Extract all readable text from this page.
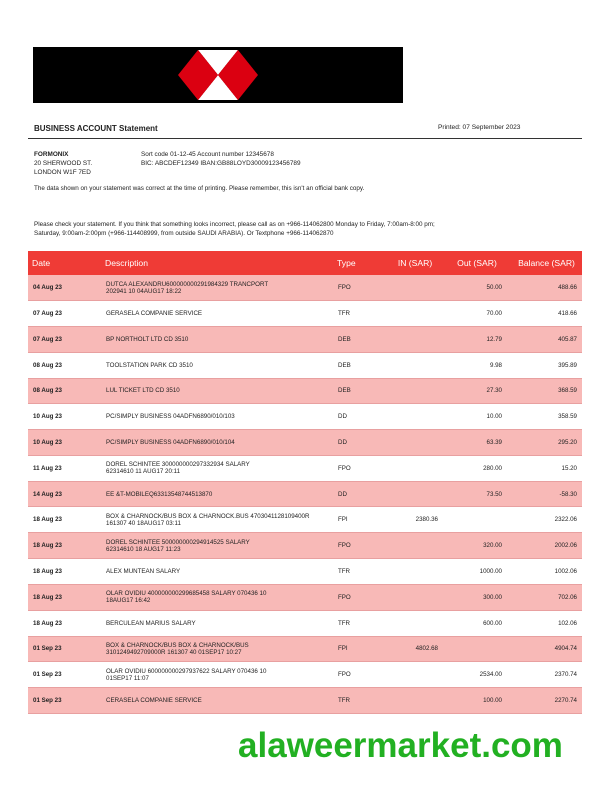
BUSINESS ACCOUNT Statement	Printed: 07 September 2023
FORMONIX
20 SHERWOOD ST.
LONDON W1F 7ED
Sort code 01-12-45 Account number 12345678
BIC: ABCDEF12349 IBAN:GB88LOYD30009123456789
The data shown on your statement was correct at the time of printing. Please remember, this isn't an official bank copy.
Please check your statement. If you think that something looks incorrect, please call as on +966-114062800 Monday to Friday, 7:00am-8:00 pm; Saturday, 9:00am-2:00pm (+966-114408999, from outside SAUDI ARABIA). Or Textphone +966-114062870
Date	Description	Type	IN (SAR)	Out (SAR)	Balance (SAR)
04 Aug 23	DUTCA ALEXANDRU600000000291984329 TRANCPORT
202941 10 04AUG17 18:22	FPO		50.00	488.66
07 Aug 23	GERASELA COMPANIE SERVICE	TFR		70.00	418.66
07 Aug 23	BP NORTHOLT LTD CD 3510	DEB		12.79	405.87
08 Aug 23	TOOLSTATION PARK CD 3510	DEB		9.98	395.89
08 Aug 23	LUL TICKET LTD CD 3510	DEB		27.30	368.59
10 Aug 23	PC/SIMPLY BUSINESS 04ADFN6890/010/103	DD		10.00	358.59
10 Aug 23	PC/SIMPLY BUSINESS 04ADFN6890/010/104	DD		63.39	295.20
11 Aug 23	DOREL SCHINTEE 300000000297332934 SALARY
62314610 11 AUG17 20:11	FPO		280.00	15.20
14 Aug 23	EE &T-MOBILEQ63313548744513870	DD		73.50	-58.30
18 Aug 23	BOX & CHARNOCK/BUS BOX & CHARNOCK.BUS 4703041128109400R
161307 40 18AUG17 03:11	FPI	2380.36		2322.06
18 Aug 23	DOREL SCHINTEE 500000000294914525 SALARY
62314610 18 AUG17 11:23	FPO		320.00	2002.06
18 Aug 23	ALEX MUNTEAN SALARY	TFR		1000.00	1002.06
18 Aug 23	OLAR OVIDIU 400000000299685458 SALARY 070436 10
18AUG17 16:42	FPO		300.00	702.06
18 Aug 23	BERCULEAN MARIUS SALARY	TFR		600.00	102.06
01 Sep 23	BOX & CHARNOCK/BUS BOX & CHARNOCK/BUS
3101249492709000R 161307 40 01SEP17 10:27	FPI	4802.68		4904.74
01 Sep 23	OLAR OVIDIU 600000000297937622 SALARY 070436 10
01SEP17 11:07	FPO		2534.00	2370.74
01 Sep 23	CERASELA COMPANIE SERVICE	TFR		100.00	2270.74
alaweermarket.com
